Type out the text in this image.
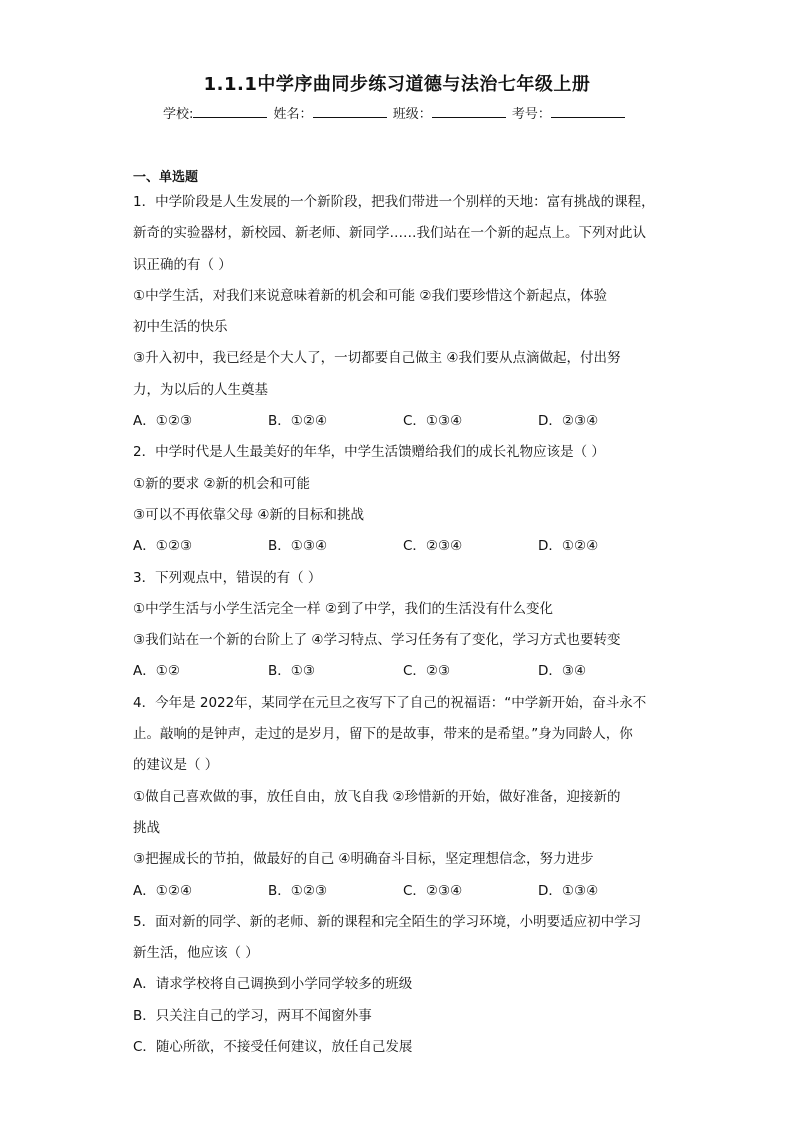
1.1.1中学序曲同步练习道德与法治七年级上册
学校:	姓名：	班级：	考号：
一、单选题
1．中学阶段是人生发展的一个新阶段，把我们带进一个别样的天地：富有挑战的课程，
新奇的实验器材，新校园、新老师、新同学……我们站在一个新的起点上。下列对此认
识正确的有（ ）
①中学生活，对我们来说意味着新的机会和可能 ②我们要珍惜这个新起点，体验
初中生活的快乐
③升入初中，我已经是个大人了，一切都要自己做主 ④我们要从点滴做起，付出努
力，为以后的人生奠基
A．①②③	B．①②④	C．①③④	D．②③④
2．中学时代是人生最美好的年华，中学生活馈赠给我们的成长礼物应该是（ ）
①新的要求 ②新的机会和可能
③可以不再依靠父母 ④新的目标和挑战
A．①②③	B．①③④	C．②③④	D．①②④
3．下列观点中，错误的有（ ）
①中学生活与小学生活完全一样 ②到了中学，我们的生活没有什么变化
③我们站在一个新的台阶上了 ④学习特点、学习任务有了变化，学习方式也要转变
A．①②	B．①③	C．②③	D．③④
4．今年是 2022年，某同学在元旦之夜写下了自己的祝福语：“中学新开始，奋斗永不
止。敲响的是钟声，走过的是岁月，留下的是故事，带来的是希望。”身为同龄人，你
的建议是（ ）
①做自己喜欢做的事，放任自由，放飞自我 ②珍惜新的开始，做好准备，迎接新的
挑战
③把握成长的节拍，做最好的自己 ④明确奋斗目标，坚定理想信念，努力进步
A．①②④	B．①②③	C．②③④	D．①③④
5．面对新的同学、新的老师、新的课程和完全陌生的学习环境，小明要适应初中学习
新生活，他应该（ ）
A．请求学校将自己调换到小学同学较多的班级
B．只关注自己的学习，两耳不闻窗外事
C．随心所欲，不接受任何建议，放任自己发展
